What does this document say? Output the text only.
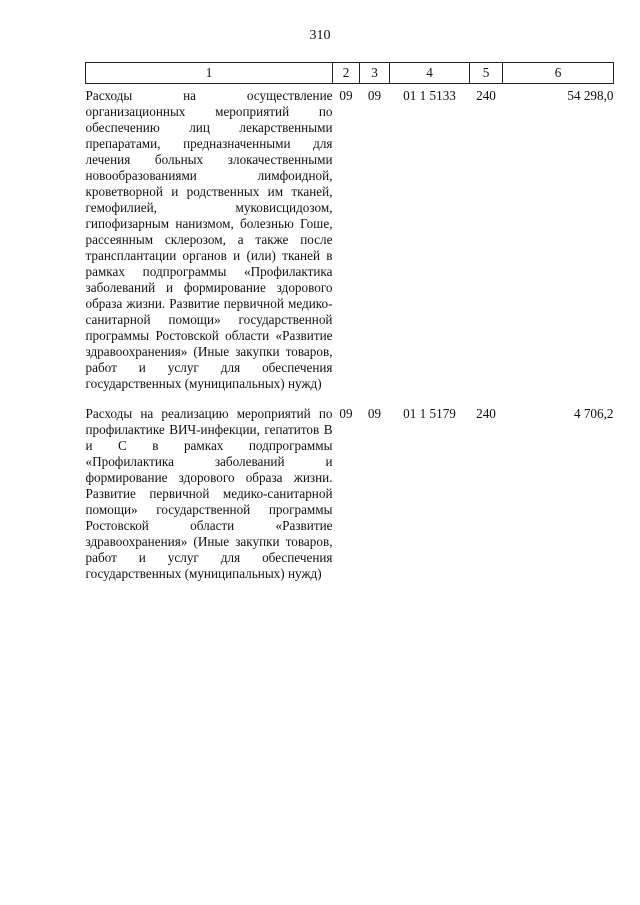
310
1	2	3	4	5	6
Расходы на осуществление организационных мероприятий по обеспечению лиц лекарственными препаратами, предназначенными для лечения больных злокачественными новообразованиями лимфоидной, кроветворной и родственных им тканей, гемофилией, муковисцидозом, гипофизарным нанизмом, болезнью Гоше, рассеянным склерозом, а также после трансплантации органов и (или) тканей в рамках подпрограммы «Профилактика заболеваний и формирование здорового образа жизни. Развитие первичной медико-санитарной помощи» государственной программы Ростовской области «Развитие здравоохранения» (Иные закупки товаров, работ и услуг для обеспечения государственных (муниципальных) нужд)	09	09	01 1 5133	240	54 298,0
Расходы на реализацию мероприятий по профилактике ВИЧ-инфекции, гепатитов В и С в рамках подпрограммы «Профилактика заболеваний и формирование здорового образа жизни. Развитие первичной медико-санитарной помощи» государственной программы Ростовской области «Развитие здравоохранения» (Иные закупки товаров, работ и услуг для обеспечения государственных (муниципальных) нужд)	09	09	01 1 5179	240	4 706,2
